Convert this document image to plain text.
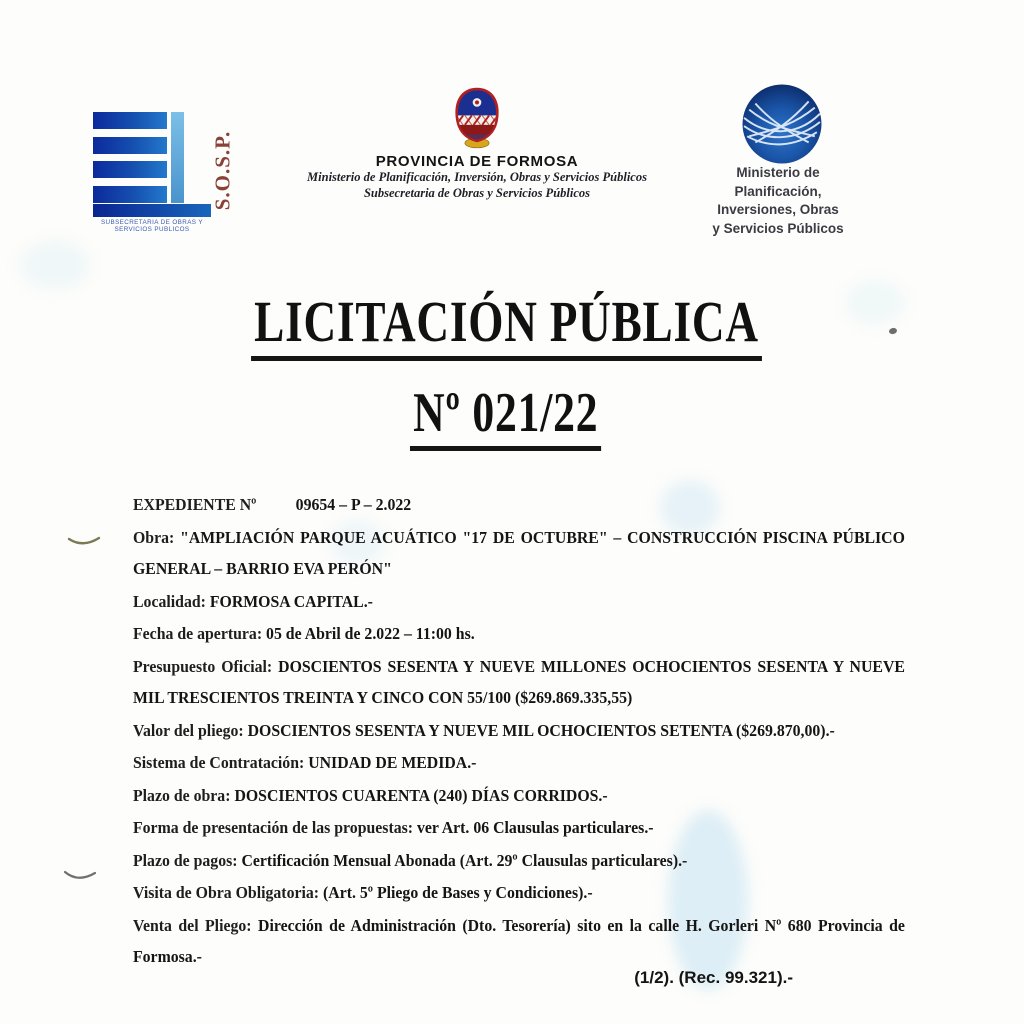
S.O.S.P.
SUBSECRETARIA DE OBRAS Y
SERVICIOS PUBLICOS
PROVINCIA DE FORMOSA
Ministerio de Planificación, Inversión, Obras y Servicios Públicos
Subsecretaria de Obras y Servicios Públicos
Ministerio de
Planificación,
Inversiones, Obras
y Servicios Públicos
LICITACIÓN PÚBLICA
Nº 021/22

EXPEDIENTE Nº 09654 – P – 2.022

Obra: "AMPLIACIÓN PARQUE ACUÁTICO "17 DE OCTUBRE" – CONSTRUCCIÓN PISCINA PÚBLICO GENERAL – BARRIO EVA PERÓN"

Localidad: FORMOSA CAPITAL.-

Fecha de apertura: 05 de Abril de 2.022 – 11:00 hs.

Presupuesto Oficial: DOSCIENTOS SESENTA Y NUEVE MILLONES OCHOCIENTOS SESENTA Y NUEVE MIL TRESCIENTOS TREINTA Y CINCO CON 55/100 ($269.869.335,55)

Valor del pliego: DOSCIENTOS SESENTA Y NUEVE MIL OCHOCIENTOS SETENTA ($269.870,00).-

Sistema de Contratación: UNIDAD DE MEDIDA.-

Plazo de obra: DOSCIENTOS CUARENTA (240) DÍAS CORRIDOS.-

Forma de presentación de las propuestas: ver Art. 06 Clausulas particulares.-

Plazo de pagos: Certificación Mensual Abonada (Art. 29º Clausulas particulares).-

Visita de Obra Obligatoria: (Art. 5º Pliego de Bases y Condiciones).-

Venta del Pliego: Dirección de Administración (Dto. Tesorería) sito en la calle H. Gorleri Nº 680 Provincia de Formosa.-

(1/2). (Rec. 99.321).-
